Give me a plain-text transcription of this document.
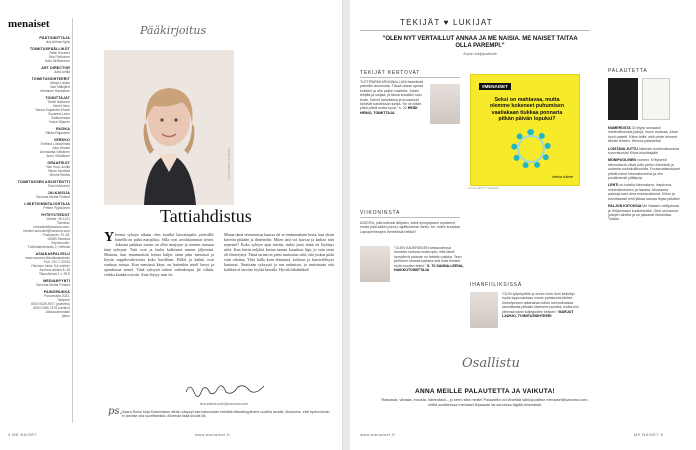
menaiset
PÄÄTOIMITTAJA
Iina Artima-Nyrki
TOIMITUSPÄÄLLIKÖT
Heidi Hovinen
San Pykkonen
Satu Sirelakonen
ART DIRECTOR
Jutta Antila
TOIMITUSSIHTEERIT
Marjut Laukio
Sari Mäkijärvi
Marianne Raukanen
TOIMITTAJAT
Taneli Haltonne
Heidi Heino
Sanna Kapander-Ruuth
Suzanna Leivo
Saikkarinasa
Kaisa Viljanen
RUOKA
Riikka Rajaniemi
VERKKO
Eveliina Lindahlmas
Joko Ahosto
Annukaisa Väisänen
Anne Väänänen
GRAAFIKOT
Sari Kuul-Juvilla
Tatsto Jäunävä
Mimmi Rekkis
TOIMITUKSEN ASSISTENTTI
Tiina Kekkonen
JULKAISIJA
Sanoma Media Finland
LIIKETOIMINTAJOHTAJA
Petteri Pyykkönen
YHTEYSTIEDOT
Vaihde: 09 1221
Toimitus:
menaiset@sanoma.com,
etunimi.sukunimi@sanoma.com
Postiosoite: PL 45,
00089 Sanoma
Käyntiosoite:
Töölönlahdenkatu 2, Helsinki
ASIAKASPALVELU
www.sanoma.fi/asiakaspalvelu
Puh. 020 1 20230
Palvelun hinta: 8,4 snt/min
Avoinna arkisin 8–18
Tilaushinnat 1 v. 99 €
MEDIAMYYNTI
Sanoma Media Finland
PAINOPAIKKA
Punamusta 2022,
Tampere
ISSN 0025-9977 (painettu)
ISSN 2489-7476 (verkko)
Aikakausmedian
jäsen
Pääkirjoitus
KUVA HEIDI HOVINEN
Tattiahdistus
Yleensä syksyn aikana olen kuullut kasvattajalta ystävällä: hänellä on pitkä marjalista. Sillä ovat arvokkaimmat sienet. Jokaista paikkaa varten on ollut marjojen ja sienten runsaus tänä syksynä. Tatit ovat ja laulut kulkeneet minun jäljessäni. Muistan, kun ensimmäistä kertaa kuljin omin päin metsässä ja löysin suppilovahveroita koko korillisen. Pöllöt ja kaikki ovat vanhoja tuttuja. Kun metsässä käyn, on kuitenkin mieli kevyt ja ajatuksissa sienet. Tänä syksynä tattien sadonkorjuu jäi vähiin, vaikka kuinka toivoin. Aina löytyy uusi ilo.
Minua tämä seuraavassa kuussa oli se ensimmäinen kerta, kun yksin kävelin pitkään ja ihmettelin. Miten tatti voi kasvaa ja kadota niin nopeasti? Koko syksyn ajan mietin, miksi juuri minä en löytänyt niitä. Kun kävin neljättä kertaa saman kuusikon läpi, jo vain sieni oli ilmestynyt. Tämä tarina on pieni muistutus siitä, että joskus pitää vain odottaa. Yhtä lailla kuin elämässä, kohtuus ja kärsivällisyys kantavat. Nautitaan syksystä ja sen antimista, ja muistetaan että kaikkea ei tarvitse löytää kerralla. Hyvää lukuhetkeä!
iina.artima-nyrki@sanoma.com
ps. Saara Rolun kirja Korkeintaan vähän väsynyt saa katsomaan hektistä elämäntyylimme uudella tavalla. Muistutus, että hyvinvoinnin ei tarvitse olla suorittamista. Aiheesta lisää sivulla 56.
4 ME NAISET	www.menaiset.fi
TEKIJÄT ♥ LUKIJAT
”OLEN NYT VERTAILLUT ANNAA JA ME NAISIA. ME NAISET TAITAA OLLA PAREMPI.”
Anjuin lukijapalautte
TEKIJÄT KERTOVAT
”KOTIPARKKARUNNALLANI itsenäistä palveltin asunnolta. Tässä ollaan upeaa kokkeni ja otin paljon vaatetta. Jotain tekijää ja lukijaa, ja tässä kuvattiin uusi tuote. Kahvit kahvilassa ja kuvaukset kestivät kahdeksan tuntia. Se oli silloin pitkä päivä mutta hyvä.” s. 22 HEIDI HEINO, TOIMITTAJA
#MENAISET
Seksi on mahtavaa, mutta olemme kokeneet puhumisen vaatiakaan tiukkaa ponnaria pitkän päivän lopuksi?
tietoa tukee
KUVA GETTY IMAGES
VIIKONINSTA
ASIOITA, joita tuttuvat äitiyden, sekä synnytyksen mysteerit, mutta joita kaikki puhuu rajoittuneesti luettu. Ah, miten kuullaan Lapsiperhearjen ihmeellisiä hetkiä?
”OLEN KAVEREIDEN keskuudessa tunnettu hulluna mutta opin, että tämä hymyilevä palaute on taidettu paikka. Teen perheeni kanssa kaikkea sitä mitä ihmiset eivät muuten tekisi.” S. 70 SANNA-LEENA, HAIKKUTOIMITTAJA
IHANFIILIKSISSÄ
”OLIN työpöydälle jo ennen kuin tuoli keskittyi myös loppuvastaan minne pariskunta lähtee. Ilmestymisen aikanahan kävin luennoimassa sanoittamia pitkään kävimme puhetta, mutta niin yleensä toimii kollegoiden kesken.” MARJUT LAUKIO, TOIMITUSSIHTEERI
Osallistu
ANNA MEILLE PALAUTETTA JA VAIKUTA!
Raksasta, vihasta, innosta, hämmästä – jo kerro siitä meille! Palautetta voi lähettää sähköpostitse menaiset@sanoma.com, nettiä osoitteessa menaiset.fi/palaute tai somessa tägillä #menaiset.
PALAUTETTA
NUMEROSTA 34 löytyi runsaasti mielenkiintoisia juttuja, muun muassa. Aivan hyvä paketti. Kiitos teille, että olette tehneet tämän lehden. Hienoa palautetta!
LOISTAVA JUTTU historian tuntemattomista suurvisioista! Kiitos kirjoittajalle!
MONIPUOLINEN numero. Erityisesti kiinnostavia olivat juttu perhe-elämästä ja uudesta ruokakulttuurista. Puutarhaistutukset pitivät minut kiinnostuneena ja olin positiivisesti yllättynyt.
LEHTI on todella kiinnostava, inspiroiva, mielenkiintoinen ja hauska. Muutamia palstoja luen aina ensimmäisenä. Kiitos ja toivottavasti lehti jatkaa samaa linjaa pitkään!
PALJON KIITOKSIA Me Naisten nettijutusta ja Seljanmaan kuulumisista. Olen seurannut juttujen aiheita ja ne jaksavat ilahduttaa. Tulkaa.
www.menaiset.fi	ME NAISET 5
